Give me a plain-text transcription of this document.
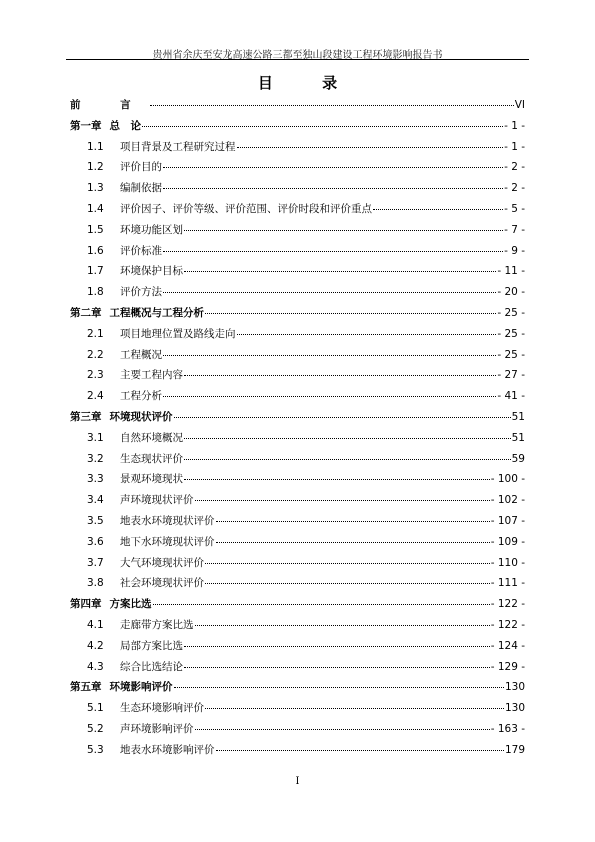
贵州省余庆至安龙高速公路三都至独山段建设工程环境影响报告书
目 录
前 言	VI
第一章 总　论	- 1 -
1.1	项目背景及工程研究过程	- 1 -
1.2	评价目的	- 2 -
1.3	编制依据	- 2 -
1.4	评价因子、评价等级、评价范围、评价时段和评价重点	- 5 -
1.5	环境功能区划	- 7 -
1.6	评价标准	- 9 -
1.7	环境保护目标	- 11 -
1.8	评价方法	- 20 -
第二章 工程概况与工程分析	- 25 -
2.1	项目地理位置及路线走向	- 25 -
2.2	工程概况	- 25 -
2.3	主要工程内容	- 27 -
2.4	工程分析	- 41 -
第三章 环境现状评价	51
3.1	自然环境概况	51
3.2	生态现状评价	59
3.3	景观环境现状	- 100 -
3.4	声环境现状评价	- 102 -
3.5	地表水环境现状评价	- 107 -
3.6	地下水环境现状评价	- 109 -
3.7	大气环境现状评价	- 110 -
3.8	社会环境现状评价	- 111 -
第四章 方案比选	- 122 -
4.1	走廊带方案比选	- 122 -
4.2	局部方案比选	- 124 -
4.3	综合比选结论	- 129 -
第五章 环境影响评价	130
5.1	生态环境影响评价	130
5.2	声环境影响评价	- 163 -
5.3	地表水环境影响评价	179
I
